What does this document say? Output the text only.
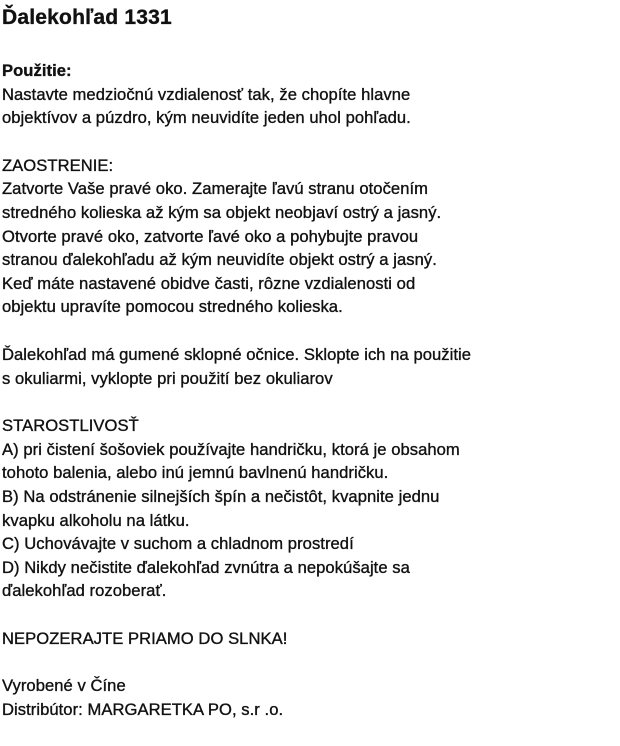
Ďalekohľad 1331
Použitie:
Nastavte medziočnú vzdialenosť tak, že chopíte hlavne
objektívov a púzdro, kým neuvidíte jeden uhol pohľadu.
ZAOSTRENIE:
Zatvorte Vaše pravé oko. Zamerajte ľavú stranu otočením
stredného kolieska až kým sa objekt neobjaví ostrý a jasný.
Otvorte pravé oko, zatvorte ľavé oko a pohybujte pravou
stranou ďalekohľadu až kým neuvidíte objekt ostrý a jasný.
Keď máte nastavené obidve časti, rôzne vzdialenosti od
objektu upravíte pomocou stredného kolieska.
Ďalekohľad má gumené sklopné očnice. Sklopte ich na použitie
s okuliarmi, vyklopte pri použití bez okuliarov
STAROSTLIVOSŤ
A) pri čistení šošoviek používajte handričku, ktorá je obsahom
tohoto balenia, alebo inú jemnú bavlnenú handričku.
B) Na odstránenie silnejších špín a nečistôt, kvapnite jednu
kvapku alkoholu na látku.
C) Uchovávajte v suchom a chladnom prostredí
D) Nikdy nečistite ďalekohľad zvnútra a nepokúšajte sa
ďalekohľad rozoberať.
NEPOZERAJTE PRIAMO DO SLNKA!
Vyrobené v Číne
Distribútor: MARGARETKA PO, s.r .o.
